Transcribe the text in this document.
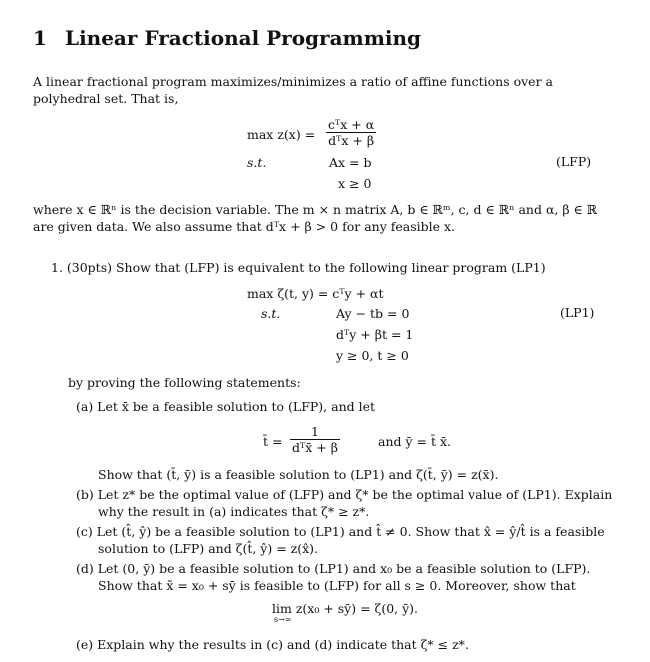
1 Linear Fractional Programming
A linear fractional program maximizes/minimizes a ratio of affine functions over a polyhedral set. That is,
$\max z(x) = \frac{\text{cᵀx + α}}{\text{dᵀx + β}}$
s.t.	Ax = b
x ≥ 0
(LFP)
where x ∈ ℝⁿ is the decision variable. The m × n matrix A, b ∈ ℝᵐ, c, d ∈ ℝⁿ and α, β ∈ ℝ are given data. We also assume that dᵀx + β > 0 for any feasible x.
1. (30pts) Show that (LFP) is equivalent to the following linear program (LP1)
max ζ(t, y) = cᵀy + αt
s.t.	Ay − tb = 0
dᵀy + βt = 1
y ≥ 0, t ≥ 0
(LP1)
by proving the following statements:
(a) Let x̄ be a feasible solution to (LFP), and let
t̄ = $\frac{1}{\text{dᵀx̄ + β}}$	and ȳ = t̄ x̄.
Show that (t̄, ȳ) is a feasible solution to (LP1) and ζ(t̄, ȳ) = z(x̄).
(b) Let z* be the optimal value of (LFP) and ζ* be the optimal value of (LP1). Explain
why the result in (a) indicates that ζ* ≥ z*.
(c) Let (t̂, ŷ) be a feasible solution to (LP1) and t̂ ≠ 0. Show that x̂ = ŷ/t̂ is a feasible
solution to (LFP) and ζ(t̂, ŷ) = z(x̂).
(d) Let (0, ȳ) be a feasible solution to (LP1) and x₀ be a feasible solution to (LFP).
Show that x̃ = x₀ + sȳ is feasible to (LFP) for all s ≥ 0. Moreover, show that
lim z(x₀ + sȳ) = ζ(0, ȳ).
s→∞
(e) Explain why the results in (c) and (d) indicate that ζ* ≤ z*.
